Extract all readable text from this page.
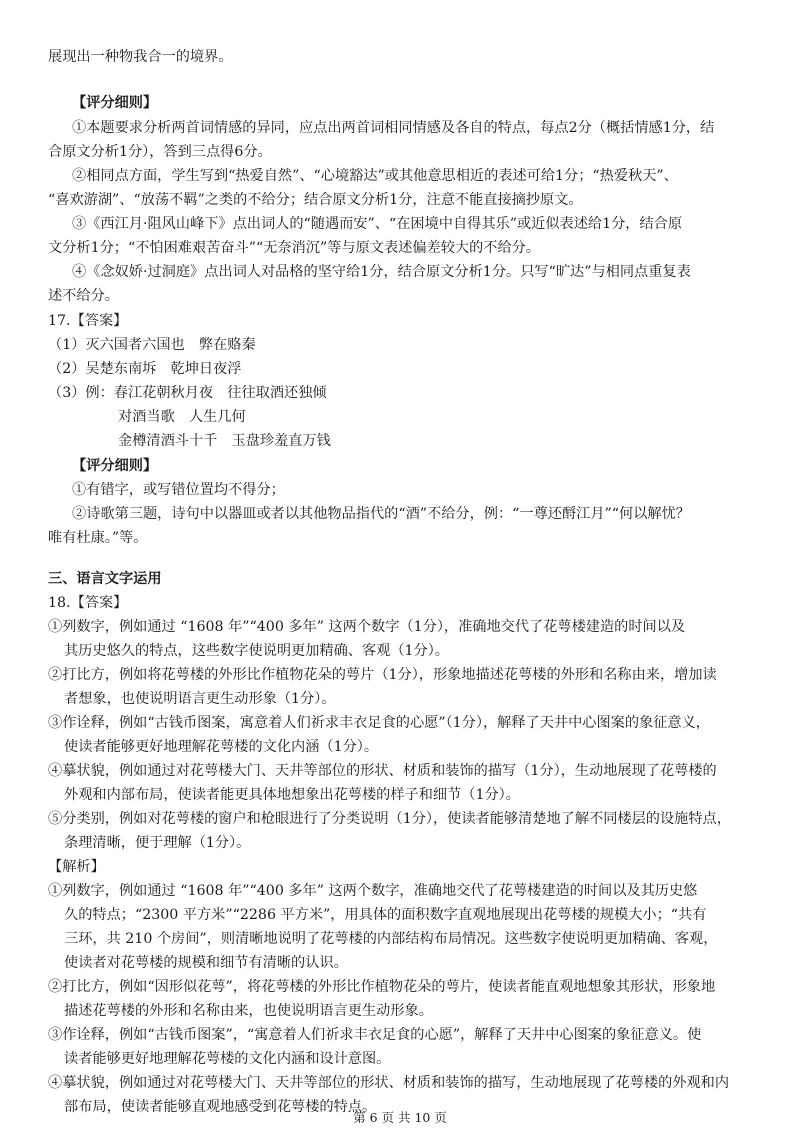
展现出一种物我合一的境界。
【评分细则】
①本题要求分析两首词情感的异同，应点出两首词相同情感及各自的特点，每点2分（概括情感1分，结
合原文分析1分），答到三点得6分。
②相同点方面，学生写到“热爱自然”、“心境豁达”或其他意思相近的表述可给1分；“热爱秋天”、
“喜欢游湖”、“放荡不羁”之类的不给分；结合原文分析1分，注意不能直接摘抄原文。
③《西江月·阻风山峰下》点出词人的“随遇而安”、“在困境中自得其乐”或近似表述给1分，结合原
文分析1分；“不怕困难艰苦奋斗”“无奈消沉”等与原文表述偏差较大的不给分。
④《念奴娇·过洞庭》点出词人对品格的坚守给1分，结合原文分析1分。只写“旷达”与相同点重复表
述不给分。
17.【答案】
（1）灭六国者六国也　弊在赂秦
（2）吴楚东南坼　乾坤日夜浮
（3）例：春江花朝秋月夜　往往取酒还独倾
对酒当歌　人生几何
金樽清酒斗十千　玉盘珍羞直万钱
【评分细则】
①有错字，或写错位置均不得分；
②诗歌第三题，诗句中以器皿或者以其他物品指代的“酒”不给分，例：“一尊还酹江月”“何以解忧？
唯有杜康。”等。
三、语言文字运用
18.【答案】
①列数字，例如通过 “1608 年”“400 多年” 这两个数字（1分），准确地交代了花萼楼建造的时间以及
其历史悠久的特点，这些数字使说明更加精确、客观（1分）。
②打比方，例如将花萼楼的外形比作植物花朵的萼片（1分），形象地描述花萼楼的外形和名称由来，增加读
者想象，也使说明语言更生动形象（1分）。
③作诠释，例如“古钱币图案，寓意着人们祈求丰衣足食的心愿”（1分），解释了天井中心图案的象征意义，
使读者能够更好地理解花萼楼的文化内涵（1分）。
④摹状貌，例如通过对花萼楼大门、天井等部位的形状、材质和装饰的描写（1分），生动地展现了花萼楼的
外观和内部布局，使读者能更具体地想象出花萼楼的样子和细节（1分）。
⑤分类别，例如对花萼楼的窗户和枪眼进行了分类说明（1分），使读者能够清楚地了解不同楼层的设施特点，
条理清晰，便于理解（1分）。
【解析】
①列数字，例如通过 “1608 年”“400 多年” 这两个数字，准确地交代了花萼楼建造的时间以及其历史悠
久的特点；“2300 平方米”“2286 平方米”，用具体的面积数字直观地展现出花萼楼的规模大小；“共有
三环，共 210 个房间”，则清晰地说明了花萼楼的内部结构布局情况。这些数字使说明更加精确、客观，
使读者对花萼楼的规模和细节有清晰的认识。
②打比方，例如“因形似花萼”，将花萼楼的外形比作植物花朵的萼片，使读者能直观地想象其形状，形象地
描述花萼楼的外形和名称由来，也使说明语言更生动形象。
③作诠释，例如“古钱币图案”，“寓意着人们祈求丰衣足食的心愿”，解释了天井中心图案的象征意义。使
读者能够更好地理解花萼楼的文化内涵和设计意图。
④摹状貌，例如通过对花萼楼大门、天井等部位的形状、材质和装饰的描写，生动地展现了花萼楼的外观和内
部布局，使读者能够直观地感受到花萼楼的特点。
第 6 页 共 10 页
